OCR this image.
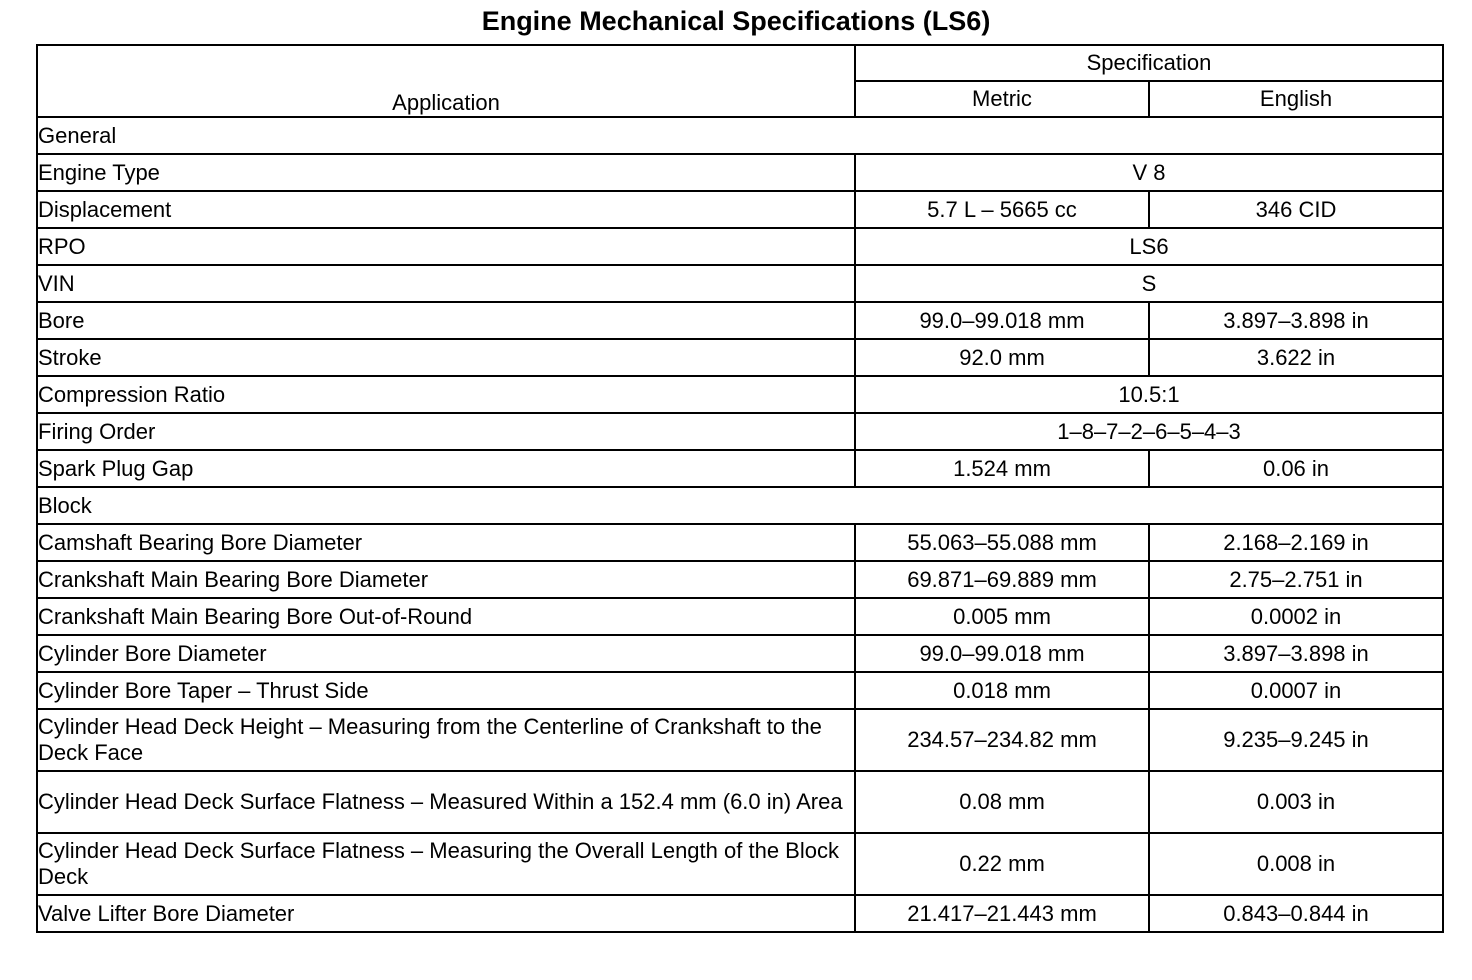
Engine Mechanical Specifications (LS6)
Application	Specification	
	Metric	English
General		
Engine Type	V 8	
Displacement	5.7 L – 5665 cc	346 CID
RPO	LS6	
VIN	S	
Bore	99.0–99.018 mm	3.897–3.898 in
Stroke	92.0 mm	3.622 in
Compression Ratio	10.5:1	
Firing Order	1–8–7–2–6–5–4–3	
Spark Plug Gap	1.524 mm	0.06 in
Block		
Camshaft Bearing Bore Diameter	55.063–55.088 mm	2.168–2.169 in
Crankshaft Main Bearing Bore Diameter	69.871–69.889 mm	2.75–2.751 in
Crankshaft Main Bearing Bore Out-of-Round	0.005 mm	0.0002 in
Cylinder Bore Diameter	99.0–99.018 mm	3.897–3.898 in
Cylinder Bore Taper – Thrust Side	0.018 mm	0.0007 in
Cylinder Head Deck Height – Measuring from the Centerline of Crankshaft to the Deck Face	234.57–234.82 mm	9.235–9.245 in
Cylinder Head Deck Surface Flatness – Measured Within a 152.4 mm (6.0 in) Area	0.08 mm	0.003 in
Cylinder Head Deck Surface Flatness – Measuring the Overall Length of the Block Deck	0.22 mm	0.008 in
Valve Lifter Bore Diameter	21.417–21.443 mm	0.843–0.844 in
